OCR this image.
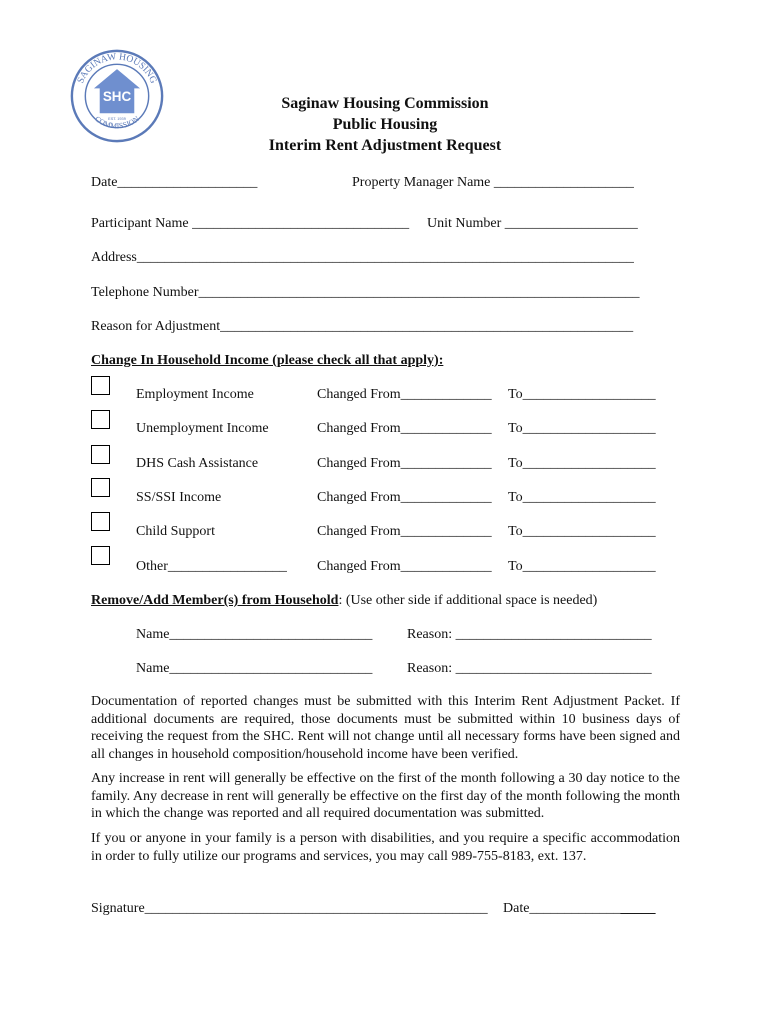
SAGINAW HOUSING
COMMISSION
SHC
EST. 1939
Saginaw Housing Commission
Public Housing
Interim Rent Adjustment Request
Date____________________	Property Manager Name ____________________
Participant Name _______________________________ Unit Number ___________________
Address_______________________________________________________________________
Telephone Number_______________________________________________________________
Reason for Adjustment___________________________________________________________
Change In Household Income (please check all that apply):
Employment Income	Changed From_____________ To___________________
Unemployment Income	Changed From_____________ To___________________
DHS Cash Assistance	Changed From_____________ To___________________
SS/SSI Income	Changed From_____________ To___________________
Child Support	Changed From_____________ To___________________
Other_________________ Changed From_____________ To___________________
Remove/Add Member(s) from Household: (Use other side if additional space is needed)
Name_____________________________ Reason: ____________________________
Name_____________________________ Reason: ____________________________
Documentation of reported changes must be submitted with this Interim Rent Adjustment Packet. If additional documents are required, those documents must be submitted within 10 business days of receiving the request from the SHC. Rent will not change until all necessary forms have been signed and all changes in household composition/household income have been verified.
Any increase in rent will generally be effective on the first of the month following a 30 day notice to the family. Any decrease in rent will generally be effective on the first day of the month following the month in which the change was reported and all required documentation was submitted.
If you or anyone in your family is a person with disabilities, and you require a specific accommodation in order to fully utilize our programs and services, you may call 989-755-8183, ext. 137.
Signature_________________________________________________ Date__________________
